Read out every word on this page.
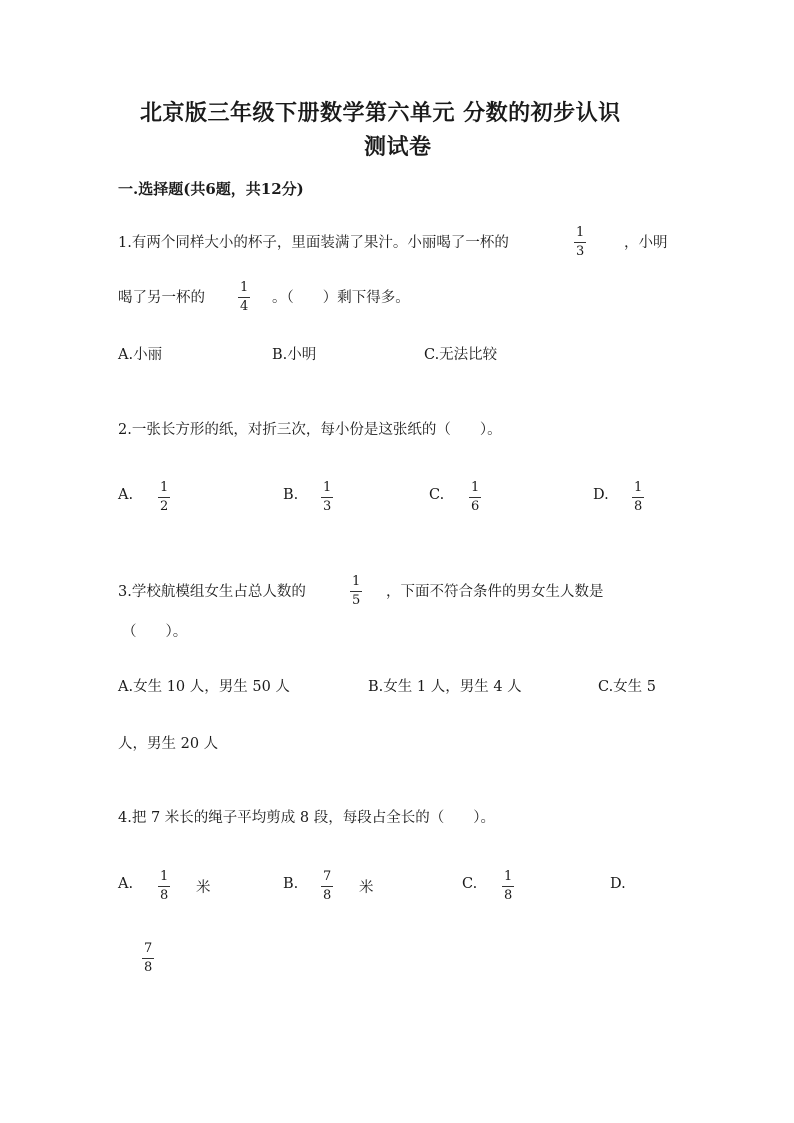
北京版三年级下册数学第六单元 分数的初步认识
测试卷
一.选择题(共6题，共12分)
1.有两个同样大小的杯子，里面装满了果汁。小丽喝了一杯的
1
3
，小明
喝了另一杯的
1
4
。（　　）剩下得多。
A.小丽	B.小明	C.无法比较
2.一张长方形的纸，对折三次，每小份是这张纸的（　　）。
A. 1
2
B. 1
3
C. 1
6
D. 1
8
3.学校航模组女生占总人数的
1
5
，下面不符合条件的男女生人数是
（　　）。
A.女生 10 人，男生 50 人	B.女生 1 人，男生 4 人	C.女生 5
人，男生 20 人
4.把 7 米长的绳子平均剪成 8 段，每段占全长的（　　）。
A. 1
8 米	B. 7
8 米	C. 1
8
D.
7
8
